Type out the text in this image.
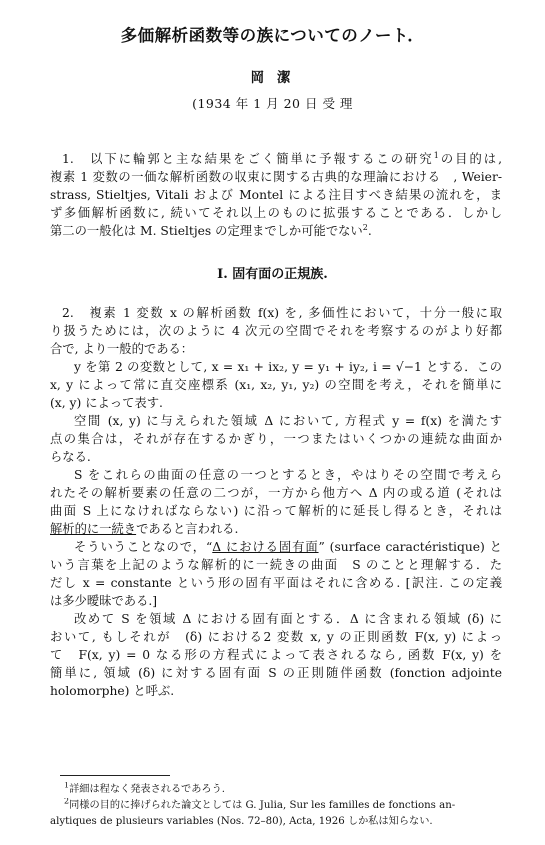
多価解析函数等の族についてのノート．
岡 潔
(1934 年 1 月 20 日 受 理
1.　以下に輪郭と主な結果をごく簡単に予報するこの研究$^1$の目的は,
複素 1 変数の一価な解析函数の収束に関する古典的な理論における　, Weier-
strass, Stieltjes, Vitali および Montel による注目すべき結果の流れを，ま
ず多価解析函数に, 続いてそれ以上のものに拡張することである．しかし
第二の一般化は M. Stieltjes の定理までしか可能でない$^2$.
I. 固有面の正規族.
2.　複素 1 変数 x の解析函数 f(x) を, 多価性において，十分一般に取
り扱うためには，次のように 4 次元の空間でそれを考察するのがより好都
合で, より一般的である：
y を第 2 の変数として, x = x₁ + ix₂, y = y₁ + iy₂, i = √−1 とする．この
x, y によって常に直交座標系 (x₁, x₂, y₁, y₂) の空間を考え，それを簡単に
(x, y) によって表す.
空間 (x, y) に与えられた領域 Δ において, 方程式 y = f(x) を満たす
点の集合は，それが存在するかぎり，一つまたはいくつかの連続な曲面か
らなる.
S をこれらの曲面の任意の一つとするとき，やはりその空間で考えら
れたその解析要素の任意の二つが，一方から他方へ Δ 内の或る道 (それは
曲面 S 上になければならない) に沿って解析的に延長し得るとき，それは
解析的に一続きであると言われる.
そういうことなので，“Δ における固有面” (surface caractéristique) と
いう言葉を上記のような解析的に一続きの曲面　S のことと理解する．た
だし x = constante という形の固有平面はそれに含める. [訳注. この定義
は多少曖昧である.]
改めて S を領域 Δ における固有面とする．Δ に含まれる領域 (δ) に
おいて, もしそれが　(δ) における2 変数 x, y の正則函数 F(x, y) によっ
て　F(x, y) = 0 なる形の方程式によって表されるなら, 函数 F(x, y) を
簡単に, 領域 (δ) に対する固有面 S の正則随伴函数 (fonction adjointe
holomorphe) と呼ぶ.
$^1$詳細は程なく発表されるであろう.
$^2$同様の目的に捧げられた論文としては G. Julia, Sur les familles de fonctions an-
alytiques de plusieurs variables (Nos. 72–80), Acta, 1926 しか私は知らない.
